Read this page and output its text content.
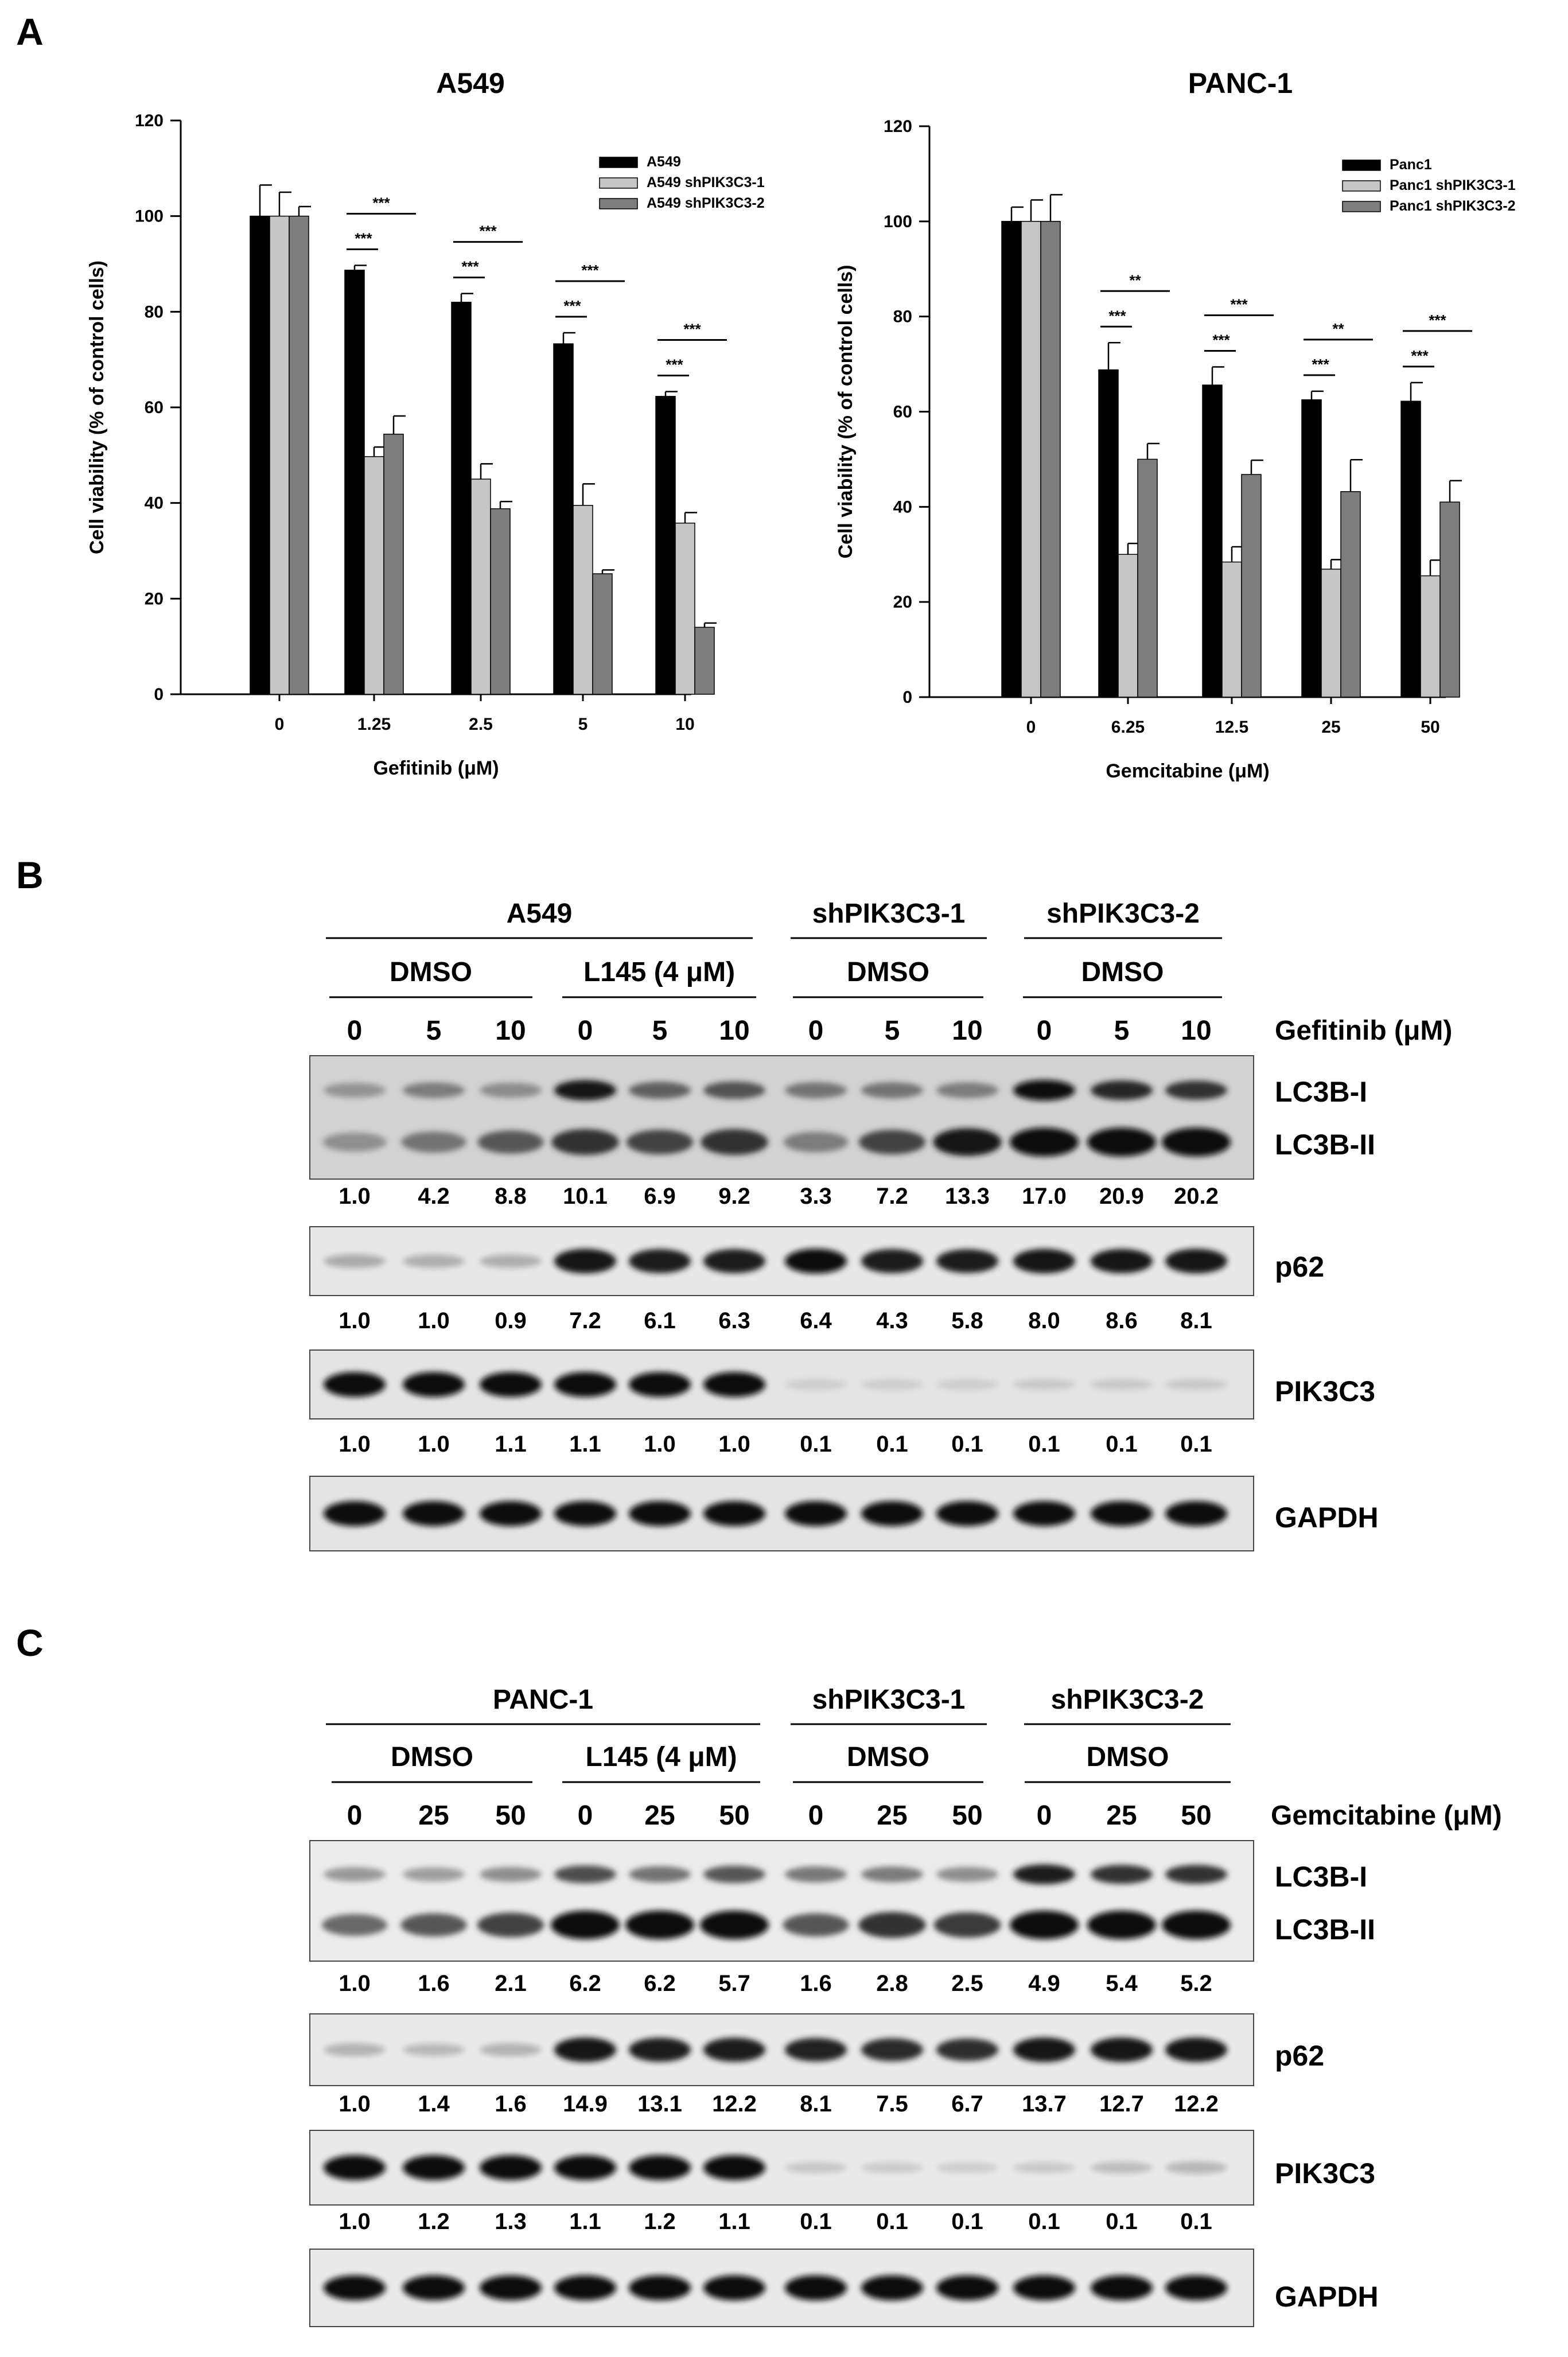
A
B
C
A549
0
20
40
60
80
100
120
Cell viability (% of control cells)
Gefitinib (μM)
0	1.25	2.5	5	10
***
***
***
***
***
***
***
***
A549
A549 shPIK3C3-1
A549 shPIK3C3-2
PANC-1
0
20
40
60
80
100
120
Cell viability (% of control cells)
Gemcitabine (μM)
0	6.25	12.5	25	50
***
**
***
***
***
**
***
***
Panc1
Panc1 shPIK3C3-1
Panc1 shPIK3C3-2
A549	shPIK3C3-1	shPIK3C3-2
DMSO	L145 (4 μM)	DMSO	DMSO
0 5 10 0 5 10 0 5 10 0 5 10 Gefitinib (μM)
LC3B-I
LC3B-II
1.0 4.2 8.8 10.1 6.9 9.2 3.3 7.2 13.3 17.0 20.9 20.2
p62
1.0 1.0 0.9 7.2 6.1 6.3 6.4 4.3 5.8 8.0 8.6 8.1
PIK3C3
1.0 1.0 1.1 1.1 1.0 1.0 0.1 0.1 0.1 0.1 0.1 0.1
GAPDH
PANC-1	shPIK3C3-1	shPIK3C3-2
DMSO	L145 (4 μM)	DMSO	DMSO
0 25 50 0 25 50 0 25 50 0 25 50 Gemcitabine (μM)
LC3B-I
LC3B-II
1.0 1.6 2.1 6.2 6.2 5.7 1.6 2.8 2.5 4.9 5.4 5.2
p62
1.0 1.4 1.6 14.9 13.1 12.2 8.1 7.5 6.7 13.7 12.7 12.2
PIK3C3
1.0 1.2 1.3 1.1 1.2 1.1 0.1 0.1 0.1 0.1 0.1 0.1
GAPDH
